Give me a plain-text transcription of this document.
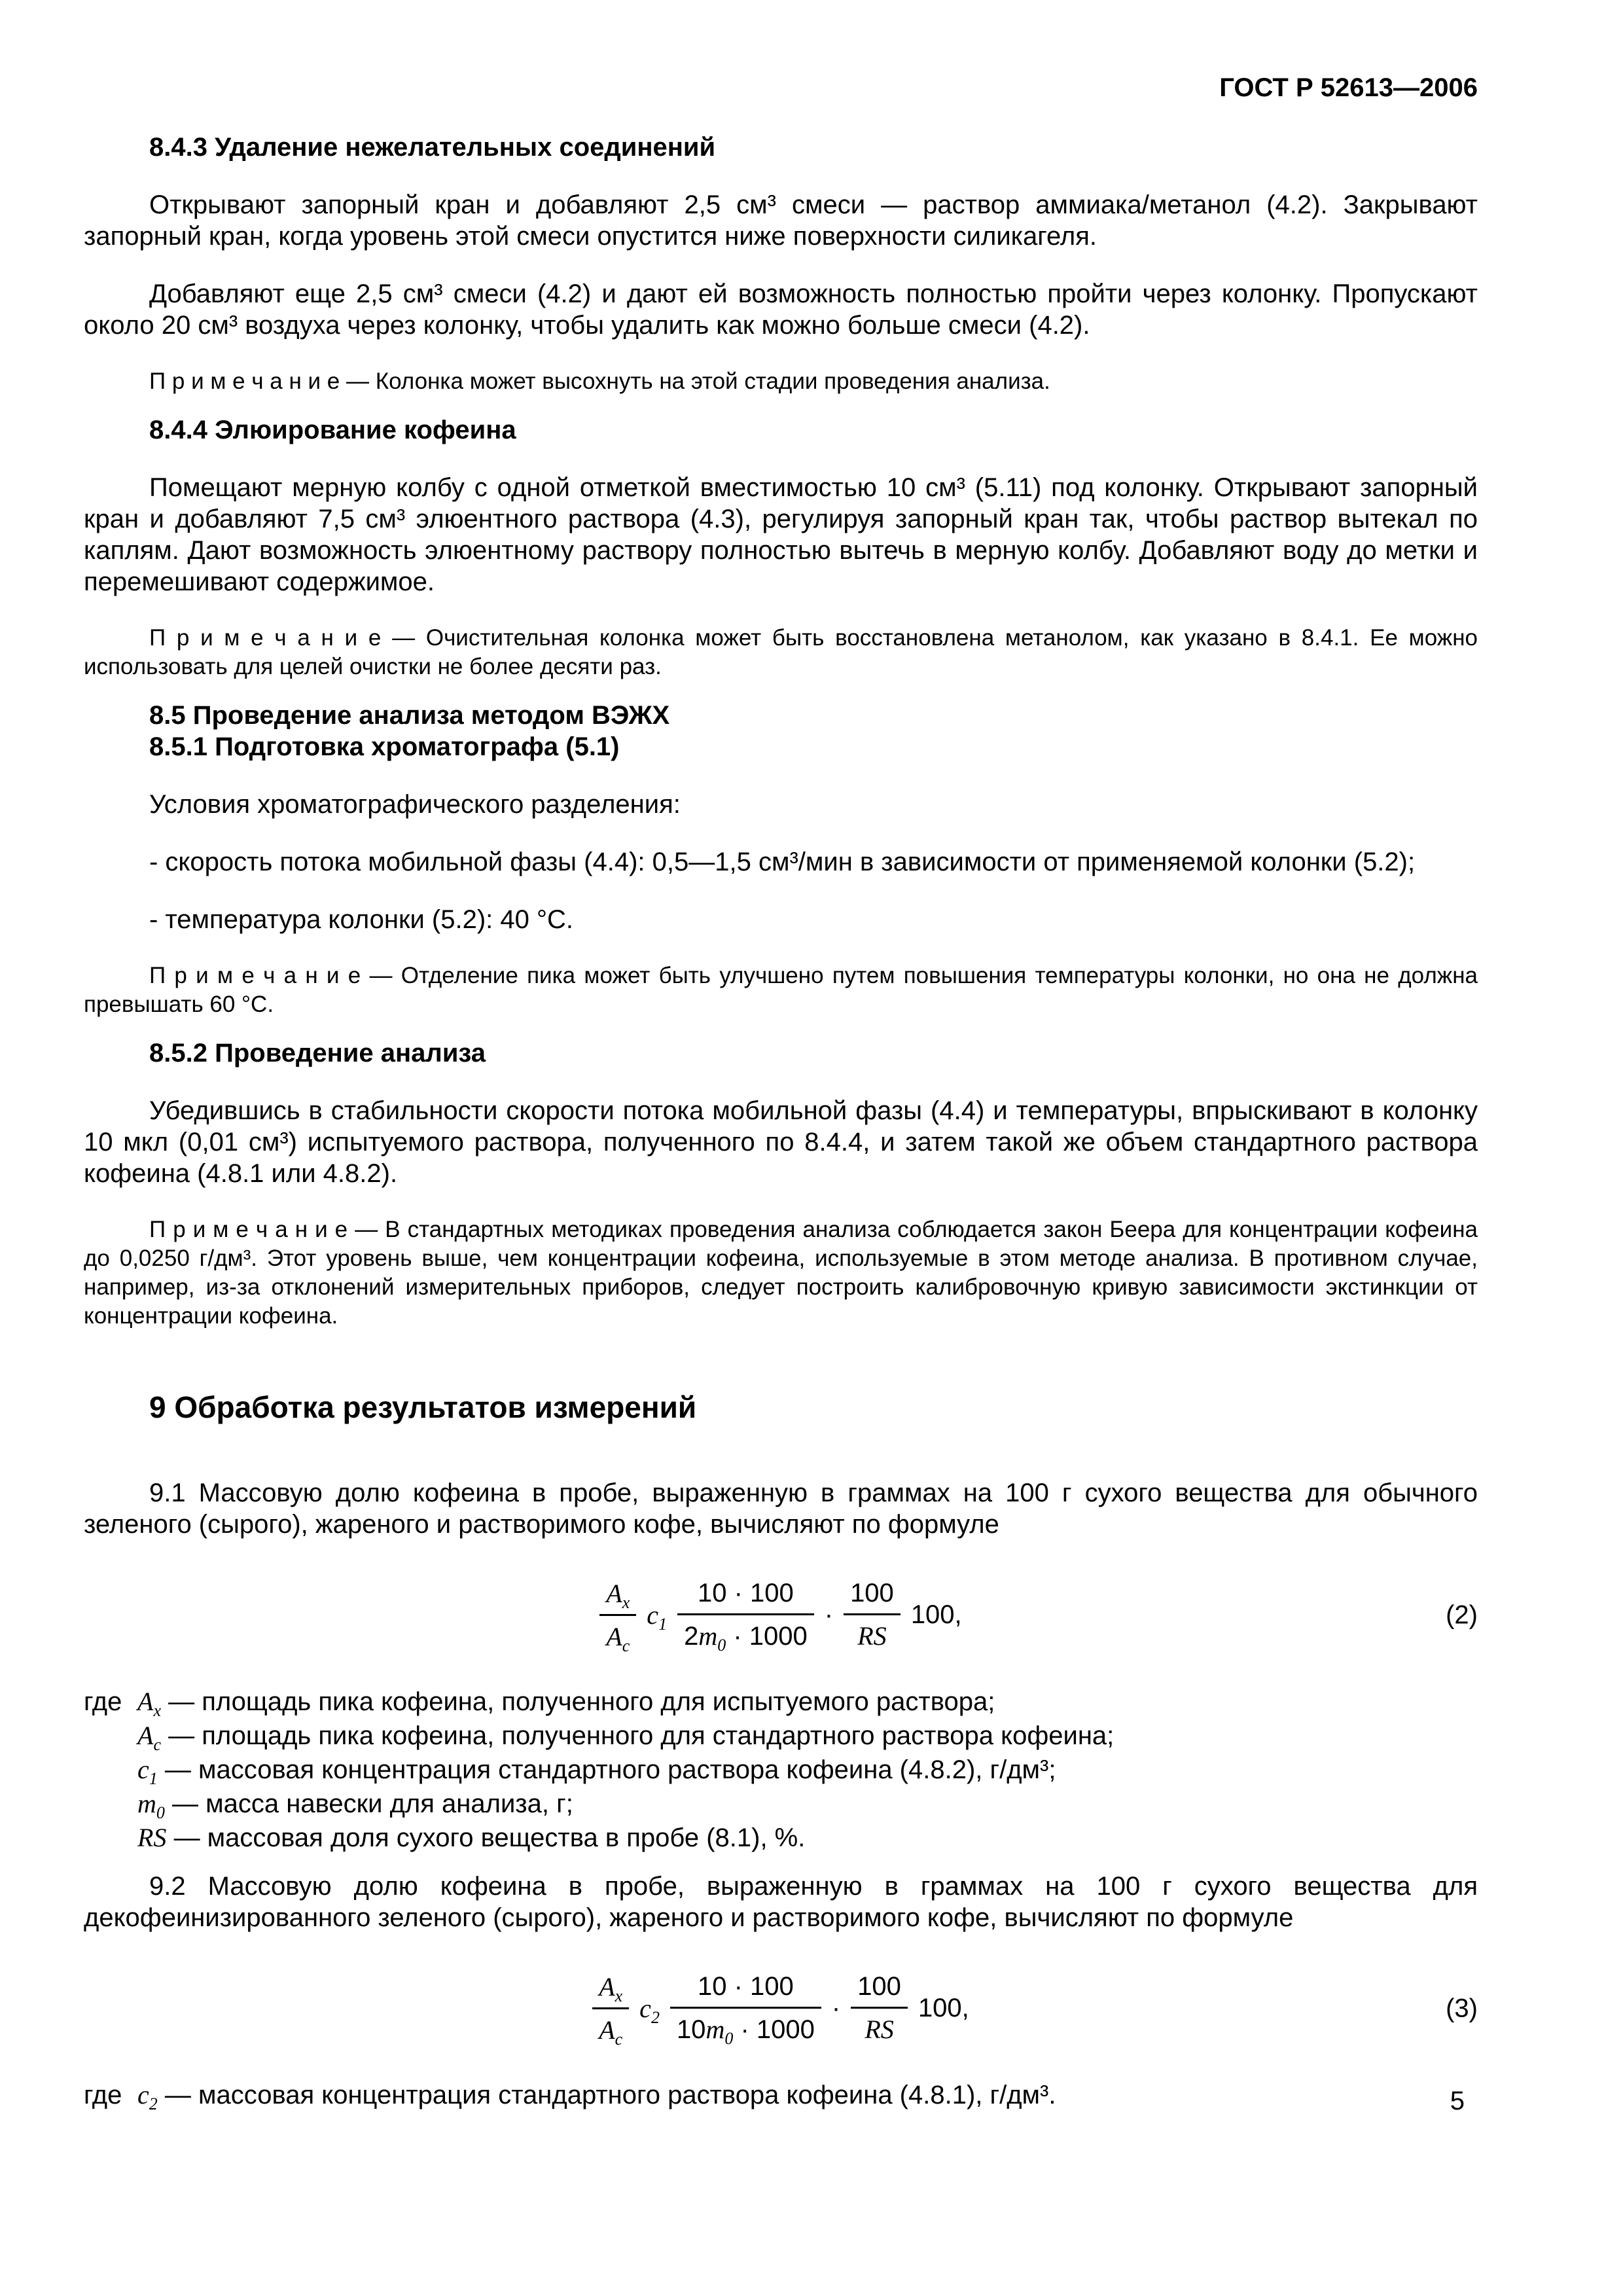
ГОСТ Р 52613—2006
8.4.3 Удаление нежелательных соединений

Открывают запорный кран и добавляют 2,5 см³ смеси — раствор аммиака/метанол (4.2). Закрывают запорный кран, когда уровень этой смеси опустится ниже поверхности силикагеля.

Добавляют еще 2,5 см³ смеси (4.2) и дают ей возможность полностью пройти через колонку. Пропускают около 20 см³ воздуха через колонку, чтобы удалить как можно больше смеси (4.2).

П р и м е ч а н и е — Колонка может высохнуть на этой стадии проведения анализа.

8.4.4 Элюирование кофеина

Помещают мерную колбу с одной отметкой вместимостью 10 см³ (5.11) под колонку. Открывают запорный кран и добавляют 7,5 см³ элюентного раствора (4.3), регулируя запорный кран так, чтобы раствор вытекал по каплям. Дают возможность элюентному раствору полностью вытечь в мерную колбу. Добавляют воду до метки и перемешивают содержимое.

П р и м е ч а н и е — Очистительная колонка может быть восстановлена метанолом, как указано в 8.4.1. Ее можно использовать для целей очистки не более десяти раз.

8.5 Проведение анализа методом ВЭЖХ
8.5.1 Подготовка хроматографа (5.1)

Условия хроматографического разделения:

- скорость потока мобильной фазы (4.4): 0,5—1,5 см³/мин в зависимости от применяемой колонки (5.2);

- температура колонки (5.2): 40 °С.

П р и м е ч а н и е — Отделение пика может быть улучшено путем повышения температуры колонки, но она не должна превышать 60 °С.

8.5.2 Проведение анализа

Убедившись в стабильности скорости потока мобильной фазы (4.4) и температуры, впрыскивают в колонку 10 мкл (0,01 см³) испытуемого раствора, полученного по 8.4.4, и затем такой же объем стандартного раствора кофеина (4.8.1 или 4.8.2).

П р и м е ч а н и е — В стандартных методиках проведения анализа соблюдается закон Беера для концентрации кофеина до 0,0250 г/дм³. Этот уровень выше, чем концентрации кофеина, используемые в этом методе анализа. В противном случае, например, из-за отклонений измерительных приборов, следует построить калибровочную кривую зависимости экстинкции от концентрации кофеина.

9 Обработка результатов измерений

9.1 Массовую долю кофеина в пробе, выраженную в граммах на 100 г сухого вещества для обычного зеленого (сырого), жареного и растворимого кофе, вычисляют по формуле

$\frac{A_x}{A_c} c_1 \frac{10 \cdot 100}{2m_0 \cdot 1000} \cdot \frac{100}{RS} 100$,	(2)
где $A_x$ — площадь пика кофеина, полученного для испытуемого раствора;
$A_c$ — площадь пика кофеина, полученного для стандартного раствора кофеина;
$c_1$ — массовая концентрация стандартного раствора кофеина (4.8.2), г/дм³;
$m_0$ — масса навески для анализа, г;
RS — массовая доля сухого вещества в пробе (8.1), %.

9.2 Массовую долю кофеина в пробе, выраженную в граммах на 100 г сухого вещества для декофеинизированного зеленого (сырого), жареного и растворимого кофе, вычисляют по формуле

$\frac{A_x}{A_c} c_2 \frac{10 \cdot 100}{10m_0 \cdot 1000} \cdot \frac{100}{RS} 100$,	(3)
где $c_2$ — массовая концентрация стандартного раствора кофеина (4.8.1), г/дм³.	5
